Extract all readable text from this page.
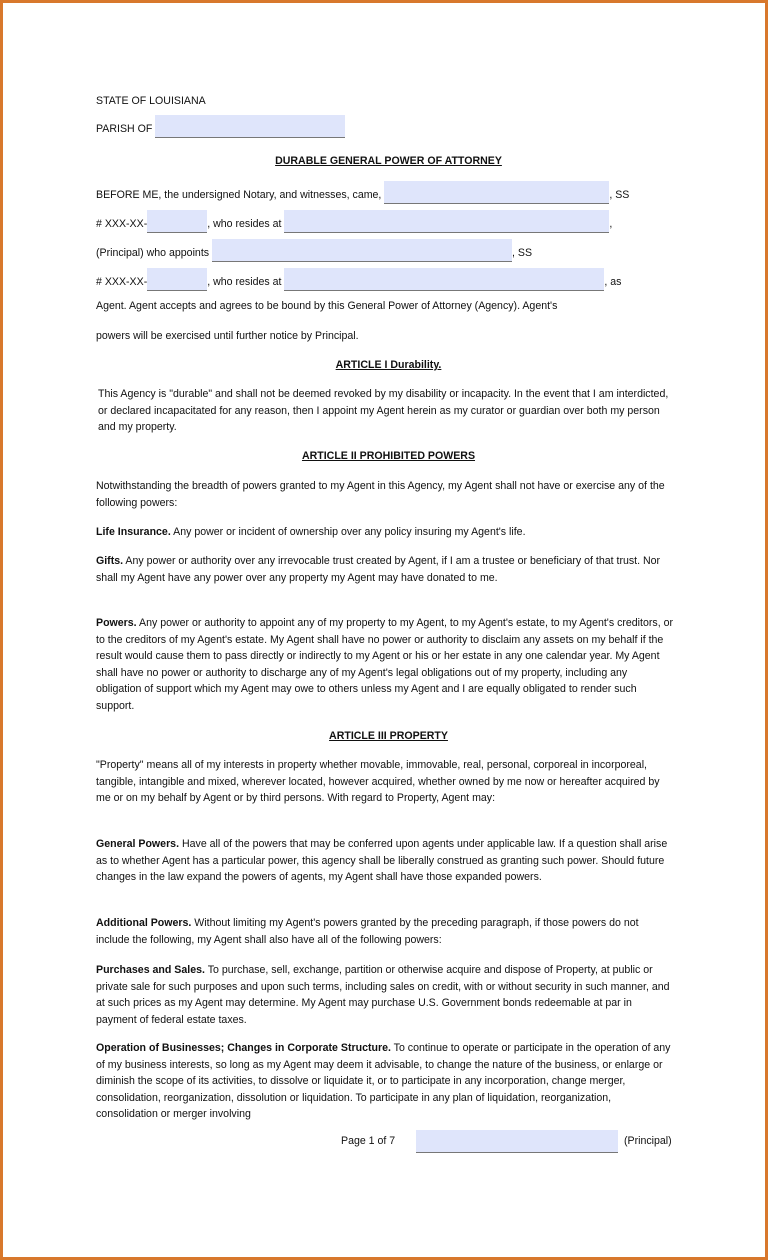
STATE OF LOUISIANA
PARISH OF
DURABLE GENERAL POWER OF ATTORNEY
BEFORE ME, the undersigned Notary, and witnesses, came,	, SS
# XXX-XX-	, who resides at	,
(Principal) who appoints	, SS
# XXX-XX-	, who resides at	, as
Agent. Agent accepts and agrees to be bound by this General Power of Attorney (Agency). Agent's
powers will be exercised until further notice by Principal.
ARTICLE I Durability.
This Agency is "durable" and shall not be deemed revoked by my disability or incapacity. In the event that I am interdicted, or declared incapacitated for any reason, then I appoint my Agent herein as my curator or guardian over both my person and my property.
ARTICLE II PROHIBITED POWERS
Notwithstanding the breadth of powers granted to my Agent in this Agency, my Agent shall not have or exercise any of the following powers:
Life Insurance. Any power or incident of ownership over any policy insuring my Agent's life.
Gifts. Any power or authority over any irrevocable trust created by Agent, if I am a trustee or beneficiary of that trust. Nor shall my Agent have any power over any property my Agent may have donated to me.
Powers. Any power or authority to appoint any of my property to my Agent, to my Agent's estate, to my Agent's creditors, or to the creditors of my Agent's estate. My Agent shall have no power or authority to disclaim any assets on my behalf if the result would cause them to pass directly or indirectly to my Agent or his or her estate in any one calendar year. My Agent shall have no power or authority to discharge any of my Agent's legal obligations out of my property, including any obligation of support which my Agent may owe to others unless my Agent and I are equally obligated to render such support.
ARTICLE III PROPERTY
"Property" means all of my interests in property whether movable, immovable, real, personal, corporeal in incorporeal, tangible, intangible and mixed, wherever located, however acquired, whether owned by me now or hereafter acquired by me or on my behalf by Agent or by third persons. With regard to Property, Agent may:
General Powers. Have all of the powers that may be conferred upon agents under applicable law. If a question shall arise as to whether Agent has a particular power, this agency shall be liberally construed as granting such power. Should future changes in the law expand the powers of agents, my Agent shall have those expanded powers.
Additional Powers. Without limiting my Agent's powers granted by the preceding paragraph, if those powers do not include the following, my Agent shall also have all of the following powers:
Purchases and Sales. To purchase, sell, exchange, partition or otherwise acquire and dispose of Property, at public or private sale for such purposes and upon such terms, including sales on credit, with or without security in such manner, and at such prices as my Agent may determine. My Agent may purchase U.S. Government bonds redeemable at par in payment of federal estate taxes.
Operation of Businesses; Changes in Corporate Structure. To continue to operate or participate in the operation of any of my business interests, so long as my Agent may deem it advisable, to change the nature of the business, or enlarge or diminish the scope of its activities, to dissolve or liquidate it, or to participate in any incorporation, change merger, consolidation, reorganization, dissolution or liquidation. To participate in any plan of liquidation, reorganization, consolidation or merger involving
Page 1 of 7	(Principal)
